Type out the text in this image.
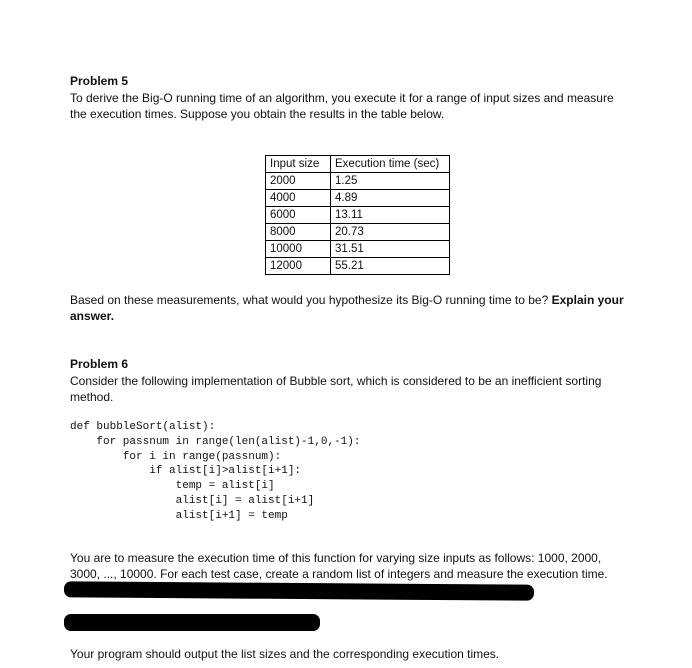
Problem 5
To derive the Big-O running time of an algorithm, you execute it for a range of input sizes and measure
the execution times. Suppose you obtain the results in the table below.
Input size	Execution time (sec)
2000	1.25
4000	4.89
6000	13.11
8000	20.73
10000	31.51
12000	55.21
Based on these measurements, what would you hypothesize its Big-O running time to be? Explain your
answer.
Problem 6
Consider the following implementation of Bubble sort, which is considered to be an inefficient sorting
method.
def bubbleSort(alist):
for passnum in range(len(alist)-1,0,-1):
for i in range(passnum):
if alist[i]>alist[i+1]:
temp = alist[i]
alist[i] = alist[i+1]
alist[i+1] = temp
You are to measure the execution time of this function for varying size inputs as follows: 1000, 2000,
3000, ..., 10000. For each test case, create a random list of integers and measure the execution time.
Your program should output the list sizes and the corresponding execution times.
